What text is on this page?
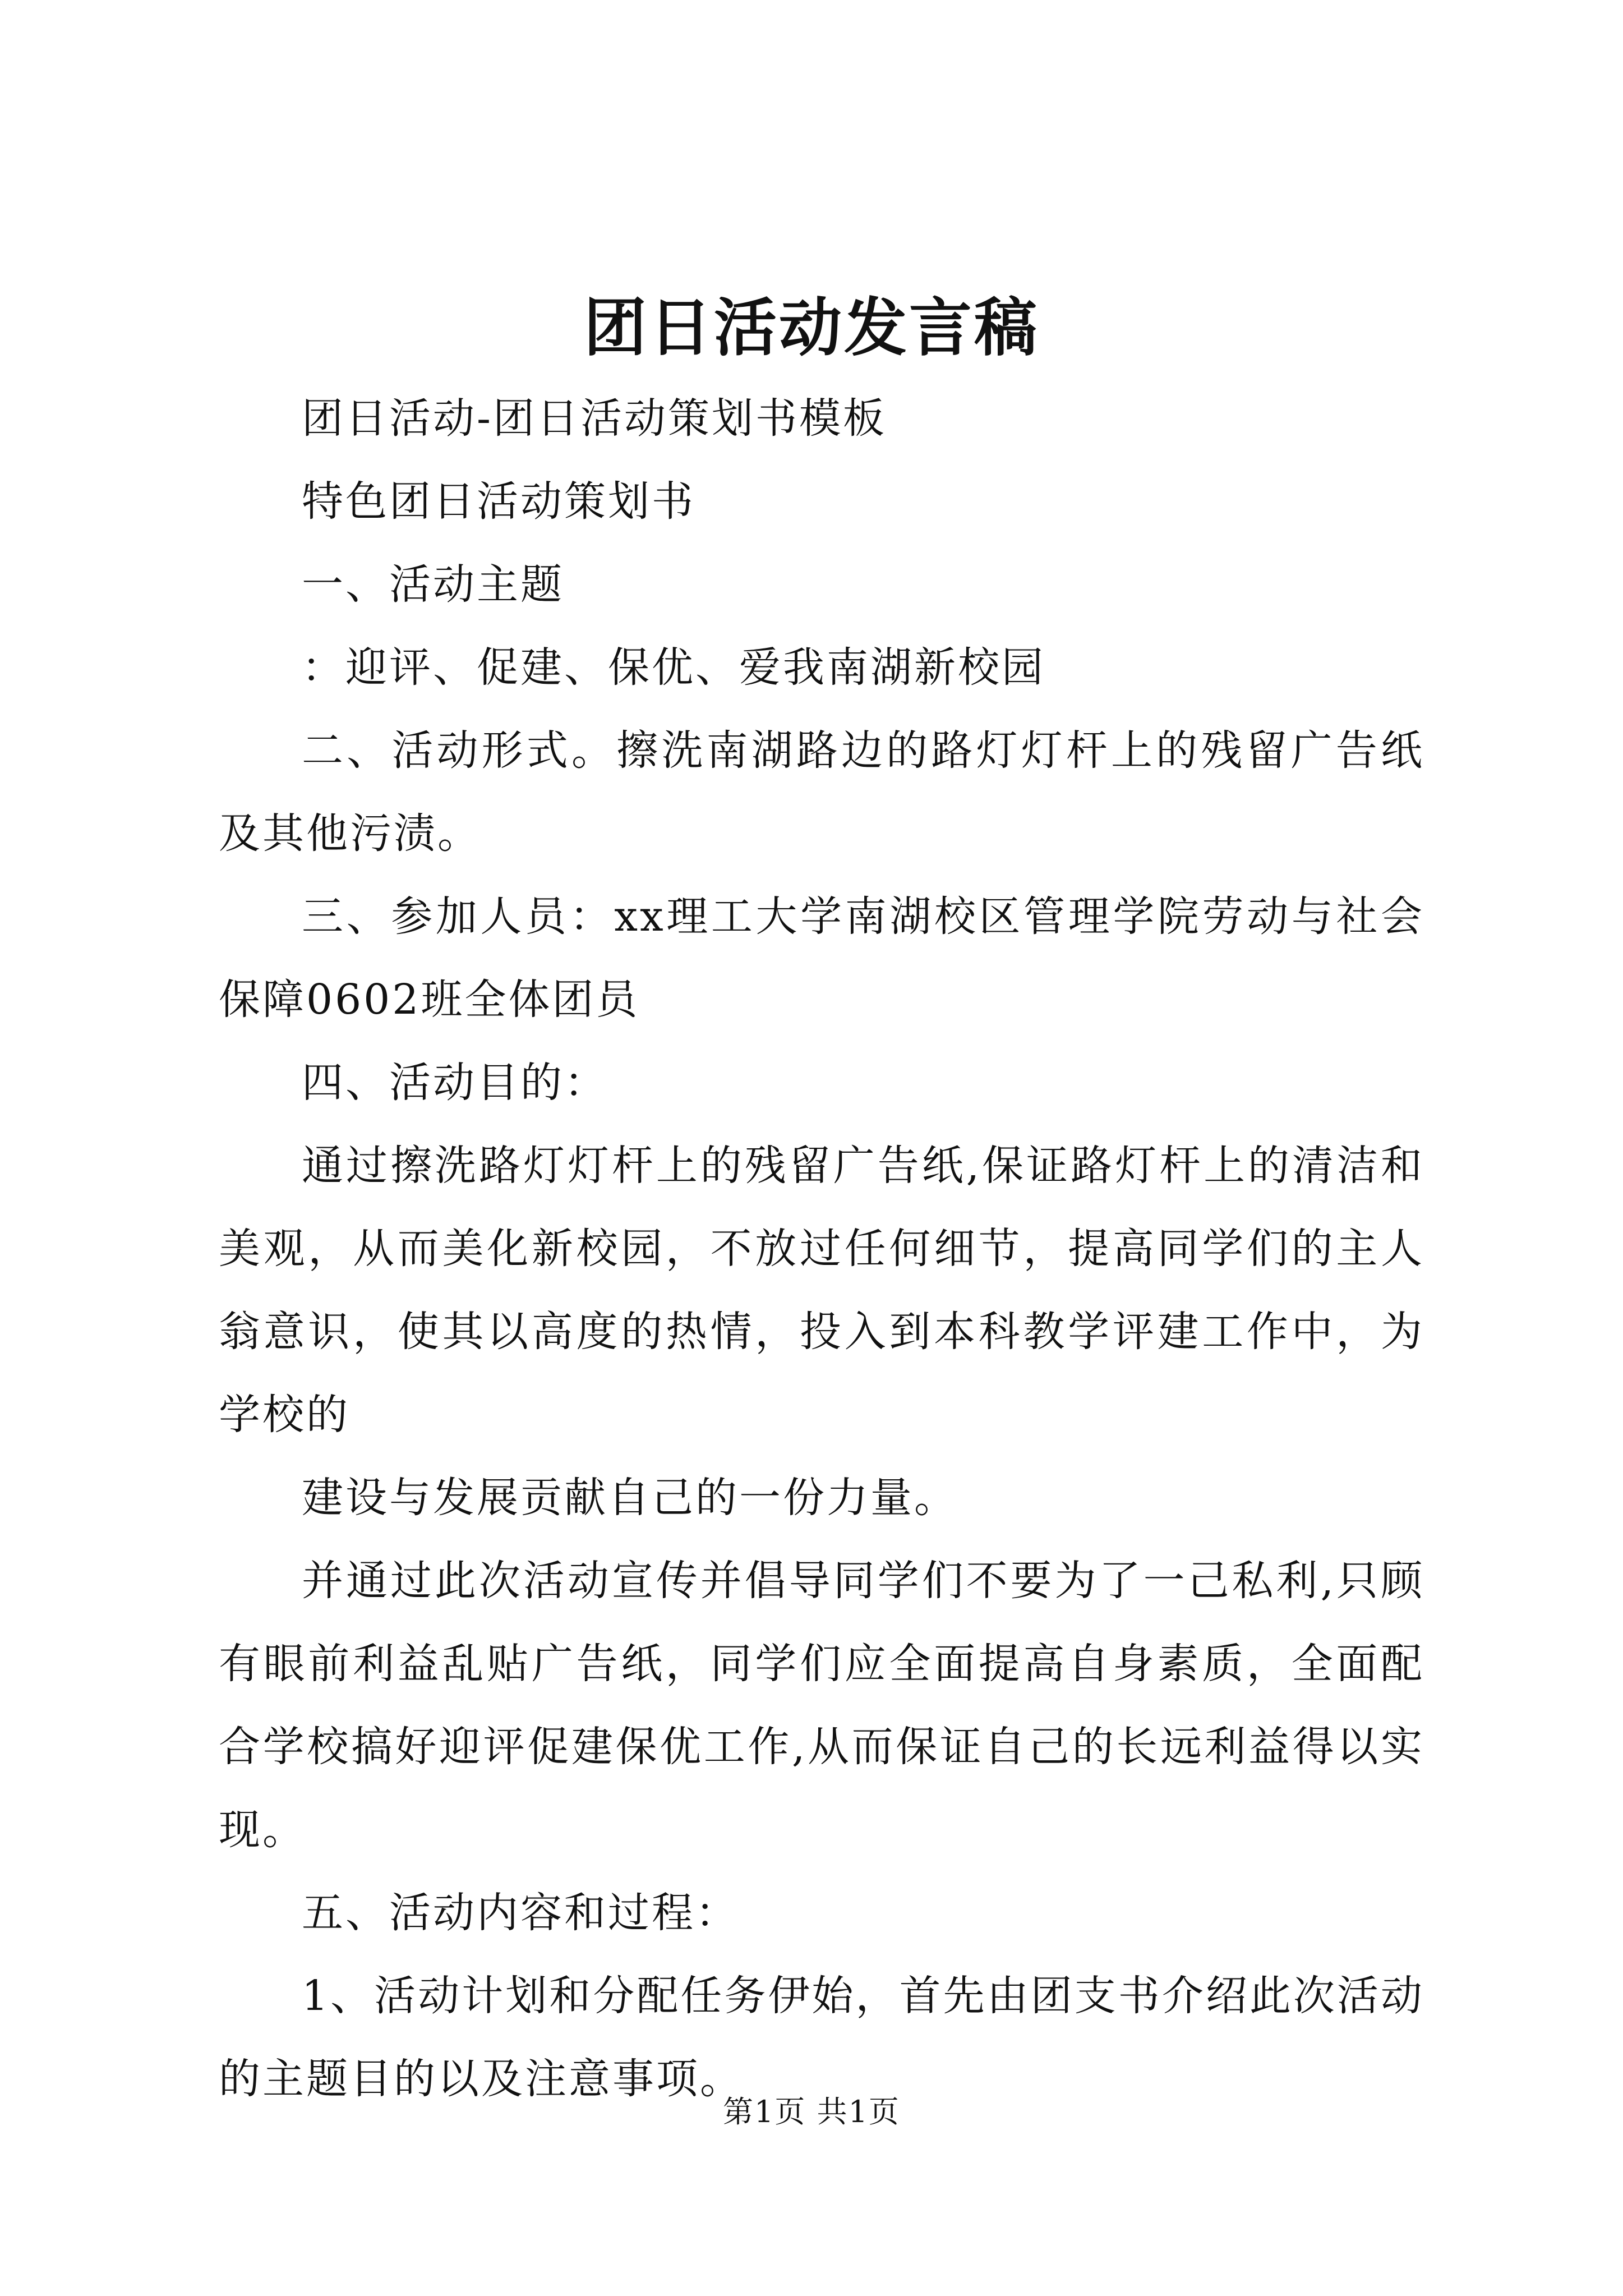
团日活动发言稿

团日活动-团日活动策划书模板

特色团日活动策划书

一、活动主题

：迎评、促建、保优、爱我南湖新校园

二、活动形式。擦洗南湖路边的路灯灯杆上的残留广告纸及其他污渍。

三、参加人员：xx理工大学南湖校区管理学院劳动与社会保障0602班全体团员

四、活动目的：

通过擦洗路灯灯杆上的残留广告纸,保证路灯杆上的清洁和美观，从而美化新校园，不放过任何细节，提高同学们的主人翁意识，使其以高度的热情，投入到本科教学评建工作中，为学校的

建设与发展贡献自己的一份力量。

并通过此次活动宣传并倡导同学们不要为了一己私利,只顾有眼前利益乱贴广告纸，同学们应全面提高自身素质，全面配合学校搞好迎评促建保优工作,从而保证自己的长远利益得以实现。

五、活动内容和过程：

1、活动计划和分配任务伊始，首先由团支书介绍此次活动的主题目的以及注意事项。

第1页 共1页
